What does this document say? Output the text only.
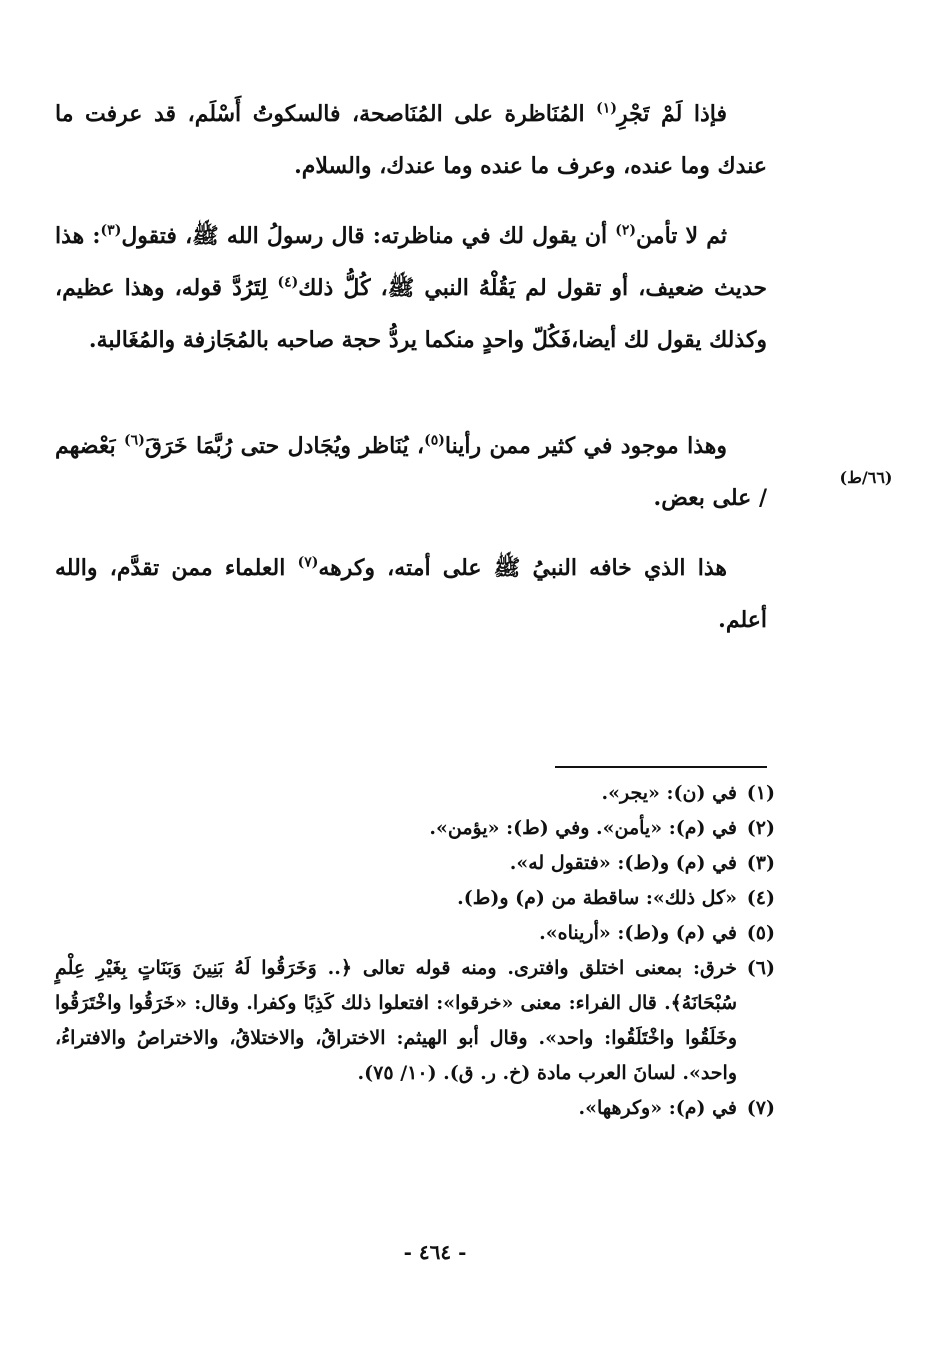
فإذا لَمْ تَجْرِ$^{(١)}$ المُنَاظرة على المُنَاصحة، فالسكوتُ أَسْلَم، قد عرفت ما عندك وما عنده، وعرف ما عنده وما عندك، والسلام.
ثم لا تأمن$^{(٢)}$ أن يقول لك في مناظرته: قال رسولُ الله ﷺ، فتقول$^{(٣)}$: هذا حديث ضعيف، أو تقول لم يَقُلْهُ النبي ﷺ، كُلُّ ذلك$^{(٤)}$ لِتَرُدَّ قوله، وهذا عظيم، وكذلك يقول لك أيضا،فَكُلّ واحدٍ منكما يردُّ حجة صاحبه بالمُجَازفة والمُغَالبة.
وهذا موجود في كثير ممن رأينا$^{(٥)}$، يُنَاظر ويُجَادل حتى رُبَّمَا خَرَقَ$^{(٦)}$ بَعْضهم / على بعض.
(٦٦/ط)
هذا الذي خافه النبيُ ﷺ على أمته، وكرهه$^{(٧)}$ العلماء ممن تقدَّم، والله أعلم.
(١)
في (ن): «يجر».
(٢)
في (م): «يأمن». وفي (ط): «يؤمن».
(٣)
في (م) و(ط): «فتقول له».
(٤)
«كل ذلك»: ساقطة من (م) و(ط).
(٥)
في (م) و(ط): «أريناه».
(٦)
خرق: بمعنى اختلق وافترى. ومنه قوله تعالى ﴿.. وَخَرَقُوا لَهُ بَنِينَ وَبَنَاتٍ بِغَيْرِ عِلْمٍ سُبْحَانَهُ﴾. قال الفراء: معنى «خرقوا»: افتعلوا ذلك كَذِبًا وكفرا. وقال: «خَرَقُوا واخْتَرَقُوا وخَلَقُوا واخْتَلَقُوا: واحد». وقال أبو الهيثم: الاختراقُ، والاختلاقُ، والاختراصُ والافتراءُ، واحد». لسانَ العرب مادة (خ. ر. ق). (١٠/ ٧٥).
(٧)
في (م): «وكرهها».
- ٤٦٤ -
